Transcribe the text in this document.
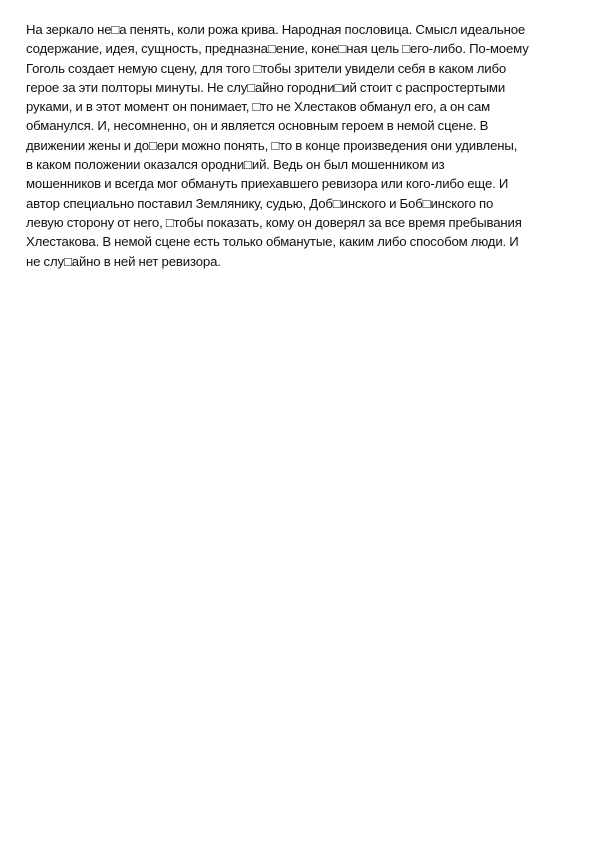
На зеркало не□а пенять, коли рожа крива. Народная пословица. Смысл идеальное
содержание, идея, сущность, предназна□ение, коне□ная цель □его-либо. По-моему
Гоголь создает немую сцену, для того □тобы зрители увидели себя в каком либо
герое за эти полторы минуты. Не слу□айно городни□ий стоит с распростертыми
руками, и в этот момент он понимает, □то не Хлестаков обманул его, а он сам
обманулся. И, несомненно, он и является основным героем в немой сцене. В
движении жены и до□ери можно понять, □то в конце произведения они удивлены,
в каком положении оказался ородни□ий. Ведь он был мошенником из
мошенников и всегда мог обмануть приехавшего ревизора или кого-либо еще. И
автор специально поставил Землянику, судью, Доб□инского и Боб□инского по
левую сторону от него, □тобы показать, кому он доверял за все время пребывания
Хлестакова. В немой сцене есть только обманутые, каким либо способом люди. И
не слу□айно в ней нет ревизора.
